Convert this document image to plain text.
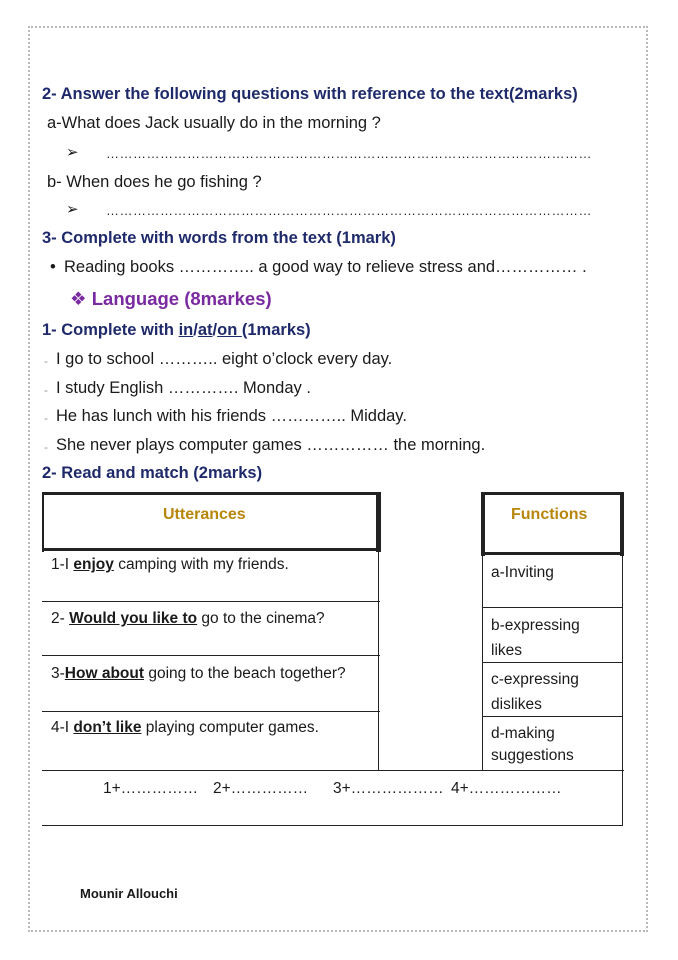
2- Answer the following questions with reference to the text(2marks)
a-What does Jack usually do in the morning ?
➢ ………………………………………………………………………………………………
b- When does he go fishing ?
➢ ………………………………………………………………………………………………
3- Complete with words from the text (1mark)
• Reading books ………….. a good way to relieve stress and…………… .
❖ Language (8markes)
1- Complete with in/at/on (1marks)
- I go to school ……….. eight o’clock every day.
- I study English …………. Monday .
- He has lunch with his friends ………….. Midday.
- She never plays computer games …………… the morning.
2- Read and match (2marks)
Utterances	Functions
1-I enjoy camping with my friends.
2- Would you like to go to the cinema?
3-How about going to the beach together?
4-I don’t like playing computer games.
a-Inviting
b-expressing
likes
c-expressing
dislikes
d-making
suggestions
1+…………… 2+…………… 3+……………… 4+………………
Mounir Allouchi
